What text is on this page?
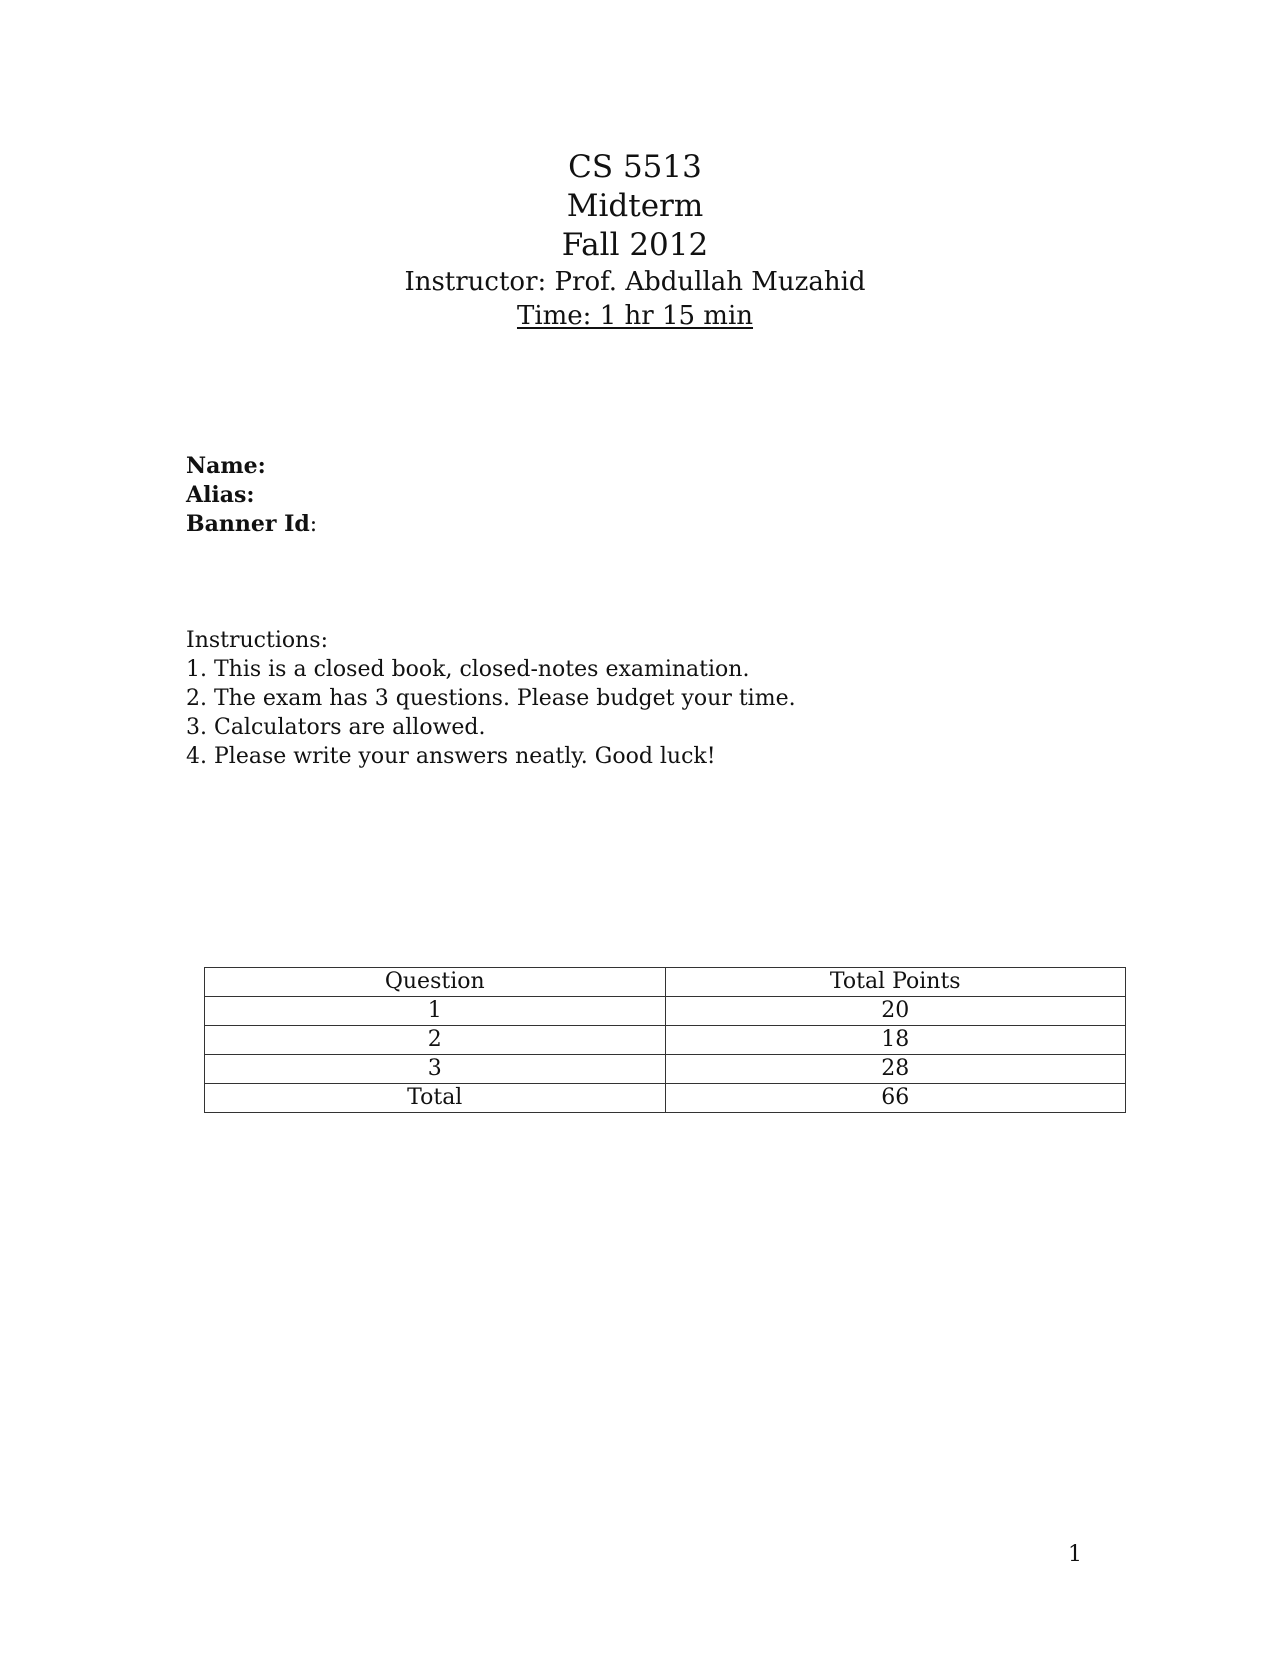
CS 5513
Midterm
Fall 2012
Instructor: Prof. Abdullah Muzahid
Time: 1 hr 15 min
Name:
Alias:
Banner Id:
Instructions:
1. This is a closed book, closed-notes examination.
2. The exam has 3 questions. Please budget your time.
3. Calculators are allowed.
4. Please write your answers neatly. Good luck!
Question	Total Points
1	20
2	18
3	28
Total	66
1
